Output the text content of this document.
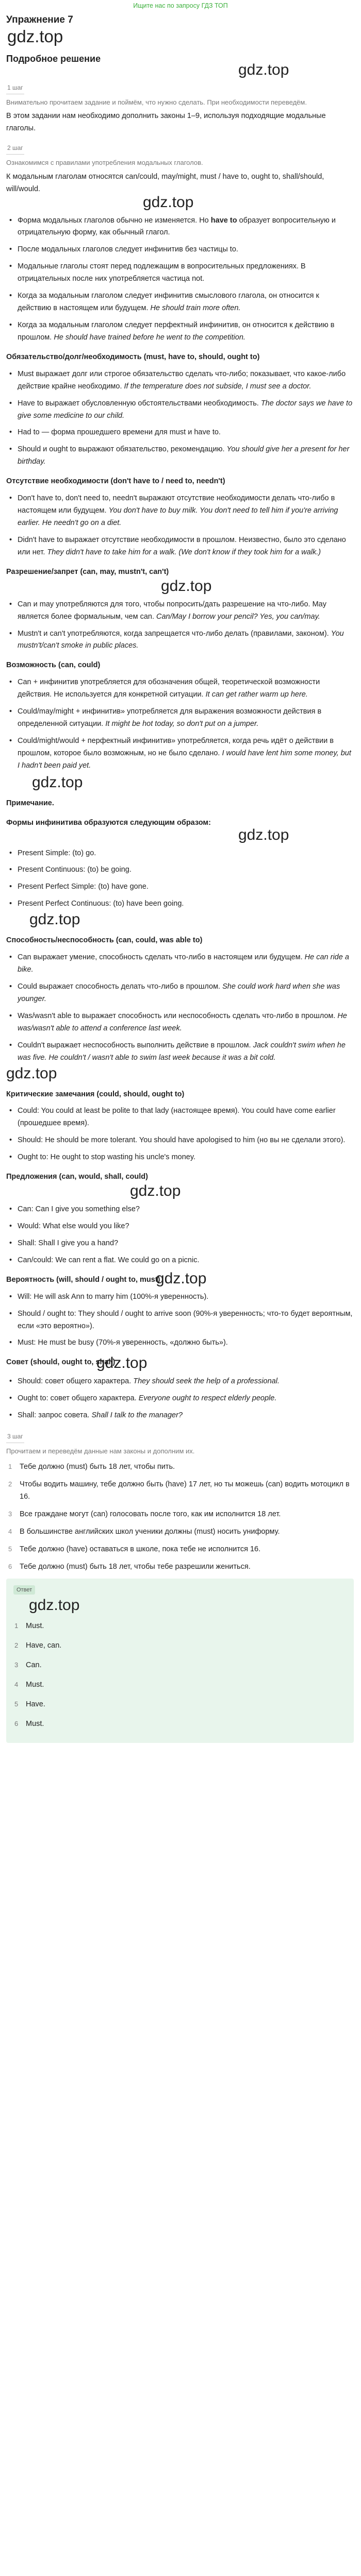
Ищите нас по запросу ГДЗ ТОП
Упражнение 7
gdz.top
Подробное решение
gdz.top
1 шаг

Внимательно прочитаем задание и поймём, что нужно сделать. При необходимости переведём.

В этом задании нам необходимо дополнить законы 1–9, используя подходящие модальные глаголы.

2 шаг

Ознакомимся с правилами употребления модальных глаголов.

К модальным глаголам относятся can/could, may/might, must / have to, ought to, shall/should, will/would.

gdz.top
• Форма модальных глаголов обычно не изменяется. Но have to образует вопросительную и отрицательную форму, как обычный глагол.
• После модальных глаголов следует инфинитив без частицы to.
• Модальные глаголы стоят перед подлежащим в вопросительных предложениях. В отрицательных после них употребляется частица not.
• Когда за модальным глаголом следует инфинитив смыслового глагола, он относится к действию в настоящем или будущем. He should train more often.
• Когда за модальным глаголом следует перфектный инфинитив, он относится к действию в прошлом. He should have trained before he went to the competition.
Обязательство/долг/необходимость (must, have to, should, ought to)
• Must выражает долг или строгое обязательство сделать что-либо; показывает, что какое-либо действие крайне необходимо. If the temperature does not subside, I must see a doctor.
• Have to выражает обусловленную обстоятельствами необходимость. The doctor says we have to give some medicine to our child.
• Had to — форма прошедшего времени для must и have to.
• Should и ought to выражают обязательство, рекомендацию. You should give her a present for her birthday.
Отсутствие необходимости (don't have to / need to, needn't)
• Don't have to, don't need to, needn't выражают отсутствие необходимости делать что-либо в настоящем или будущем. You don't have to buy milk. You don't need to tell him if you're arriving earlier. He needn't go on a diet.
• Didn't have to выражает отсутствие необходимости в прошлом. Неизвестно, было это сделано или нет. They didn't have to take him for a walk. (We don't know if they took him for a walk.)
Разрешение/запрет (can, may, mustn't, can't)
gdz.top
• Can и may употребляются для того, чтобы попросить/дать разрешение на что-либо. May является более формальным, чем can. Can/May I borrow your pencil? Yes, you can/may.
• Mustn't и can't употребляются, когда запрещается что-либо делать (правилами, законом). You mustn't/can't smoke in public places.
Возможность (can, could)
• Can + инфинитив употребляется для обозначения общей, теоретической возможности действия. Не используется для конкретной ситуации. It can get rather warm up here.
• Could/may/might + инфинитив» употребляется для выражения возможности действия в определенной ситуации. It might be hot today, so don't put on a jumper.
• Could/might/would + перфектный инфинитив» употребляется, когда речь идёт о действии в прошлом, которое было возможным, но не было сделано. I would have lent him some money, but I hadn't been paid yet.
gdz.top
Примечание.
Формы инфинитива образуются следующим образом:
gdz.top
• Present Simple: (to) go.
• Present Continuous: (to) be going.
• Present Perfect Simple: (to) have gone.
• Present Perfect Continuous: (to) have been going.
gdz.top
Способность/неспособность (can, could, was able to)
• Can выражает умение, способность сделать что-либо в настоящем или будущем. He can ride a bike.
• Could выражает способность делать что-либо в прошлом. She could work hard when she was younger.
• Was/wasn't able to выражает способность или неспособность сделать что-либо в прошлом. He was/wasn't able to attend a conference last week.
• Couldn't выражает неспособность выполнить действие в прошлом. Jack couldn't swim when he was five. He couldn't / wasn't able to swim last week because it was a bit cold.
gdz.top
Критические замечания (could, should, ought to)
• Could: You could at least be polite to that lady (настоящее время). You could have come earlier (прошедшее время).
• Should: He should be more tolerant. You should have apologised to him (но вы не сделали этого).
• Ought to: He ought to stop wasting his uncle's money.
Предложения (can, would, shall, could)
gdz.top
• Can: Can I give you something else?
• Would: What else would you like?
• Shall: Shall I give you a hand?
• Can/could: We can rent a flat. We could go on a picnic.
Вероятность (will, should / ought to, must)
gdz.top
• Will: He will ask Ann to marry him (100%-я уверенность).
• Should / ought to: They should / ought to arrive soon (90%-я уверенность; что-то будет вероятным, если «это вероятно»).
• Must: He must be busy (70%-я уверенность, «должно быть»).
Совет (should, ought to, shall)
gdz.top
• Should: совет общего характера. They should seek the help of a professional.
• Ought to: совет общего характера. Everyone ought to respect elderly people.
• Shall: запрос совета. Shall I talk to the manager?
3 шаг

Прочитаем и переведём данные нам законы и дополним их.

1 Тебе должно (must) быть 18 лет, чтобы пить.
2 Чтобы водить машину, тебе должно быть (have) 17 лет, но ты можешь (can) водить мотоцикл в 16.
3 Все граждане могут (can) голосовать после того, как им исполнится 18 лет.
4 В большинстве английских школ ученики должны (must) носить униформу.
5 Тебе должно (have) оставаться в школе, пока тебе не исполнится 16.
6 Тебе должно (must) быть 18 лет, чтобы тебе разрешили жениться.
Ответ
gdz.top
1 Must.
2 Have, can.
3 Can.
4 Must.
5 Have.
6 Must.
